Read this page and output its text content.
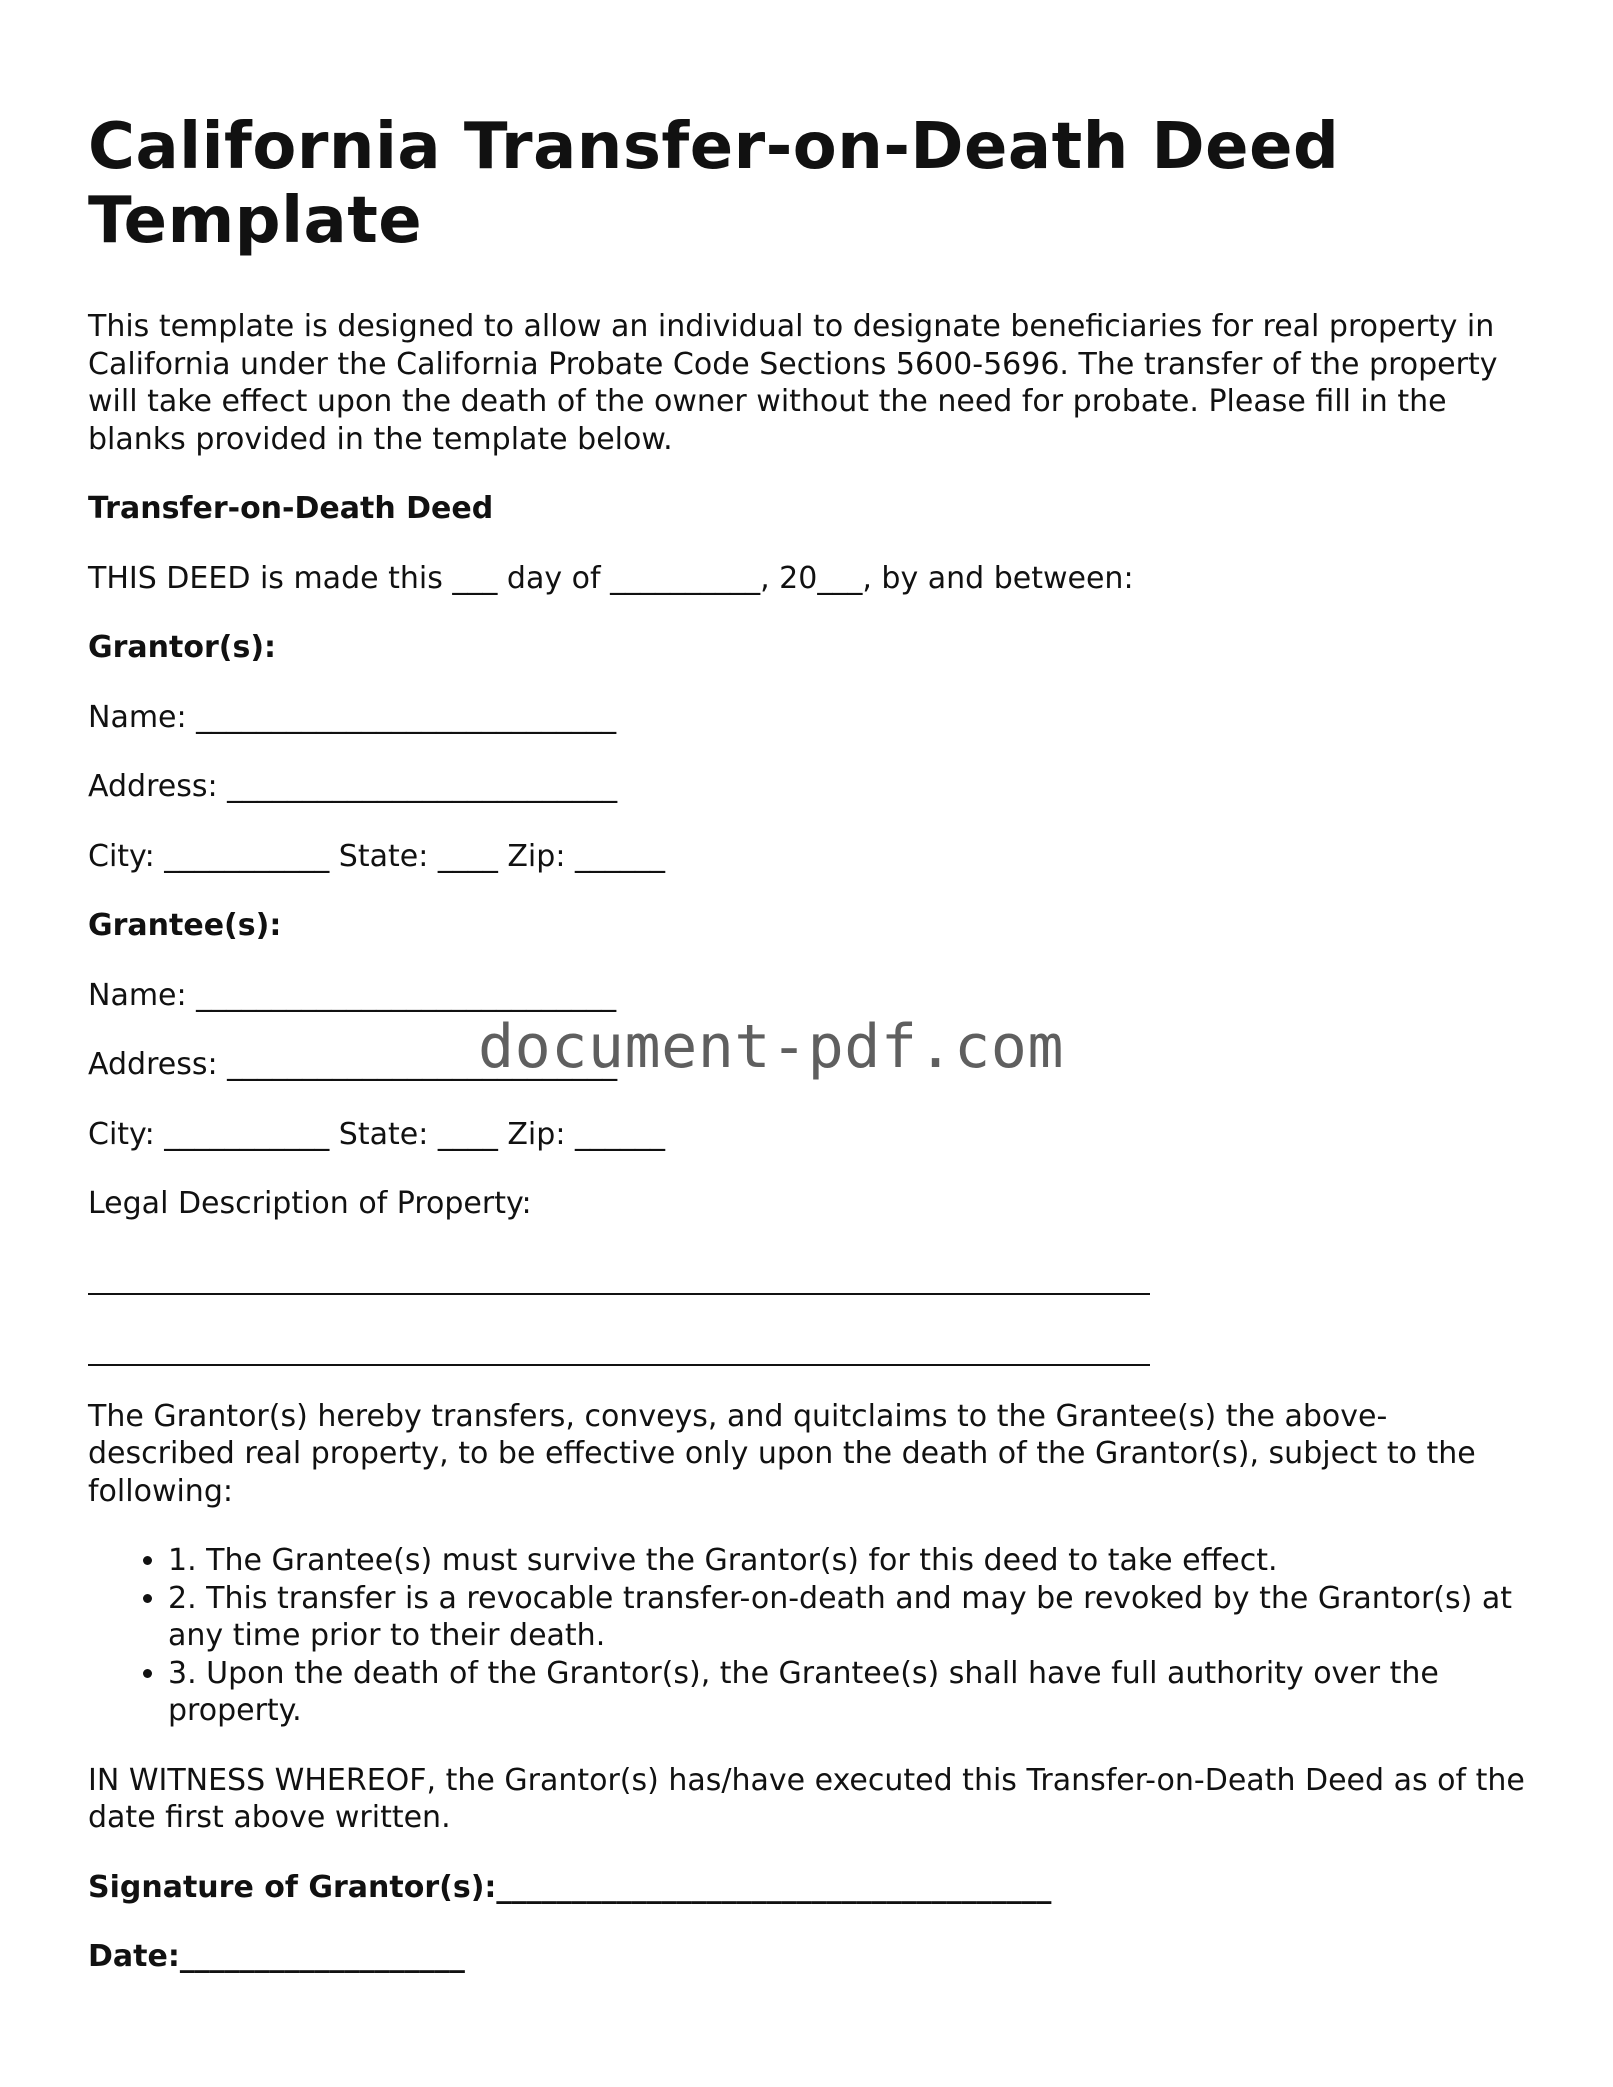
California Transfer-on-Death Deed Template

This template is designed to allow an individual to designate beneficiaries for real property in California under the California Probate Code Sections 5600-5696. The transfer of the property will take effect upon the death of the owner without the need for probate. Please fill in the blanks provided in the template below.

Transfer-on-Death Deed

THIS DEED is made this ___ day of __________, 20___, by and between:

Grantor(s):

Name: ____________________________

Address: __________________________

City: ___________ State: ____ Zip: ______

Grantee(s):

Name: ____________________________

Address: __________________________

City: ___________ State: ____ Zip: ______

Legal Description of Property:

The Grantor(s) hereby transfers, conveys, and quitclaims to the Grantee(s) the above-described real property, to be effective only upon the death of the Grantor(s), subject to the following:

• 1. The Grantee(s) must survive the Grantor(s) for this deed to take effect.
• 2. This transfer is a revocable transfer-on-death and may be revoked by the Grantor(s) at any time prior to their death.
• 3. Upon the death of the Grantor(s), the Grantee(s) shall have full authority over the property.

IN WITNESS WHEREOF, the Grantor(s) has/have executed this Transfer-on-Death Deed as of the date first above written.

Signature of Grantor(s):_____________________________________

Date:___________________

document-pdf.com
